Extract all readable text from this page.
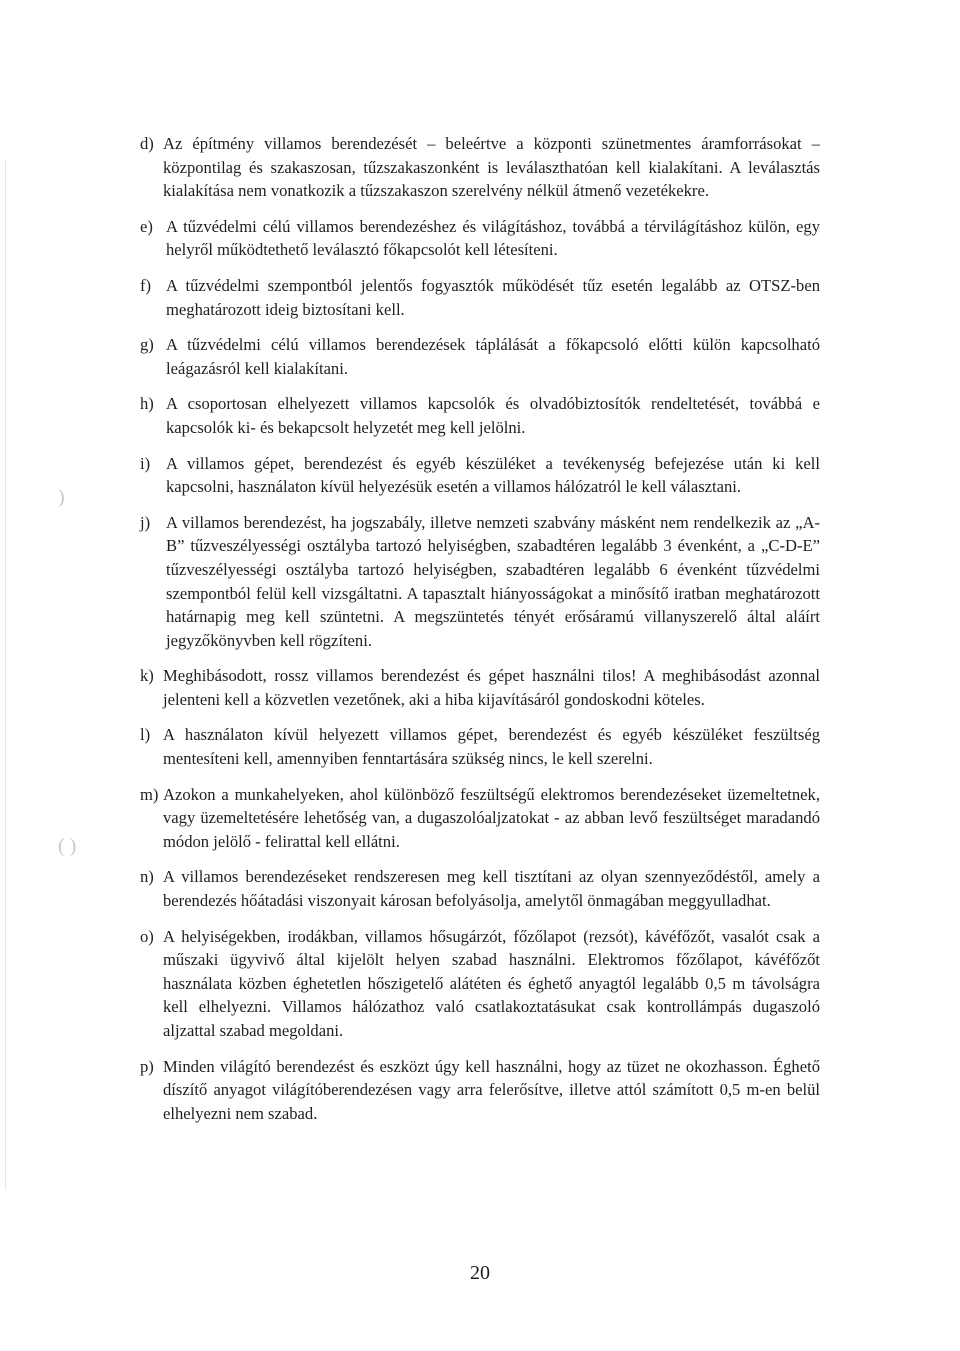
)
( )
d) Az építmény villamos berendezését – beleértve a központi szünetmentes áramforrásokat – központilag és szakaszosan, tűzszakaszonként is leválaszthatóan kell kialakítani. A leválasztás kialakítása nem vonatkozik a tűzszakaszon szerelvény nélkül átmenő vezetékekre.
e) A tűzvédelmi célú villamos berendezéshez és világításhoz, továbbá a térvilágításhoz külön, egy helyről működtethető leválasztó főkapcsolót kell létesíteni.
f) A tűzvédelmi szempontból jelentős fogyasztók működését tűz esetén legalább az OTSZ-ben meghatározott ideig biztosítani kell.
g) A tűzvédelmi célú villamos berendezések táplálását a főkapcsoló előtti külön kapcsolható leágazásról kell kialakítani.
h) A csoportosan elhelyezett villamos kapcsolók és olvadóbiztosítók rendeltetését, továbbá e kapcsolók ki- és bekapcsolt helyzetét meg kell jelölni.
i) A villamos gépet, berendezést és egyéb készüléket a tevékenység befejezése után ki kell kapcsolni, használaton kívül helyezésük esetén a villamos hálózatról le kell választani.
j) A villamos berendezést, ha jogszabály, illetve nemzeti szabvány másként nem rendelkezik az „A-B” tűzveszélyességi osztályba tartozó helyiségben, szabadtéren legalább 3 évenként, a „C-D-E” tűzveszélyességi osztályba tartozó helyiségben, szabadtéren legalább 6 évenként tűzvédelmi szempontból felül kell vizsgáltatni. A tapasztalt hiányosságokat a minősítő iratban meghatározott határnapig meg kell szüntetni. A megszüntetés tényét erősáramú villanyszerelő által aláírt jegyzőkönyvben kell rögzíteni.
k) Meghibásodott, rossz villamos berendezést és gépet használni tilos! A meghibásodást azonnal jelenteni kell a közvetlen vezetőnek, aki a hiba kijavításáról gondoskodni köteles.
l) A használaton kívül helyezett villamos gépet, berendezést és egyéb készüléket feszültség mentesíteni kell, amennyiben fenntartására szükség nincs, le kell szerelni.
m) Azokon a munkahelyeken, ahol különböző feszültségű elektromos berendezéseket üzemeltetnek, vagy üzemeltetésére lehetőség van, a dugaszolóaljzatokat - az abban levő feszültséget maradandó módon jelölő - felirattal kell ellátni.
n) A villamos berendezéseket rendszeresen meg kell tisztítani az olyan szennyeződéstől, amely a berendezés hőátadási viszonyait károsan befolyásolja, amelytől önmagában meggyulladhat.
o) A helyiségekben, irodákban, villamos hősugárzót, főzőlapot (rezsót), kávéfőzőt, vasalót csak a műszaki ügyvivő által kijelölt helyen szabad használni. Elektromos főzőlapot, kávéfőzőt használata közben éghetetlen hőszigetelő alátéten és éghető anyagtól legalább 0,5 m távolságra kell elhelyezni. Villamos hálózathoz való csatlakoztatásukat csak kontrollámpás dugaszoló aljzattal szabad megoldani.
p) Minden világító berendezést és eszközt úgy kell használni, hogy az tüzet ne okozhasson. Éghető díszítő anyagot világítóberendezésen vagy arra felerősítve, illetve attól számított 0,5 m-en belül elhelyezni nem szabad.
20
